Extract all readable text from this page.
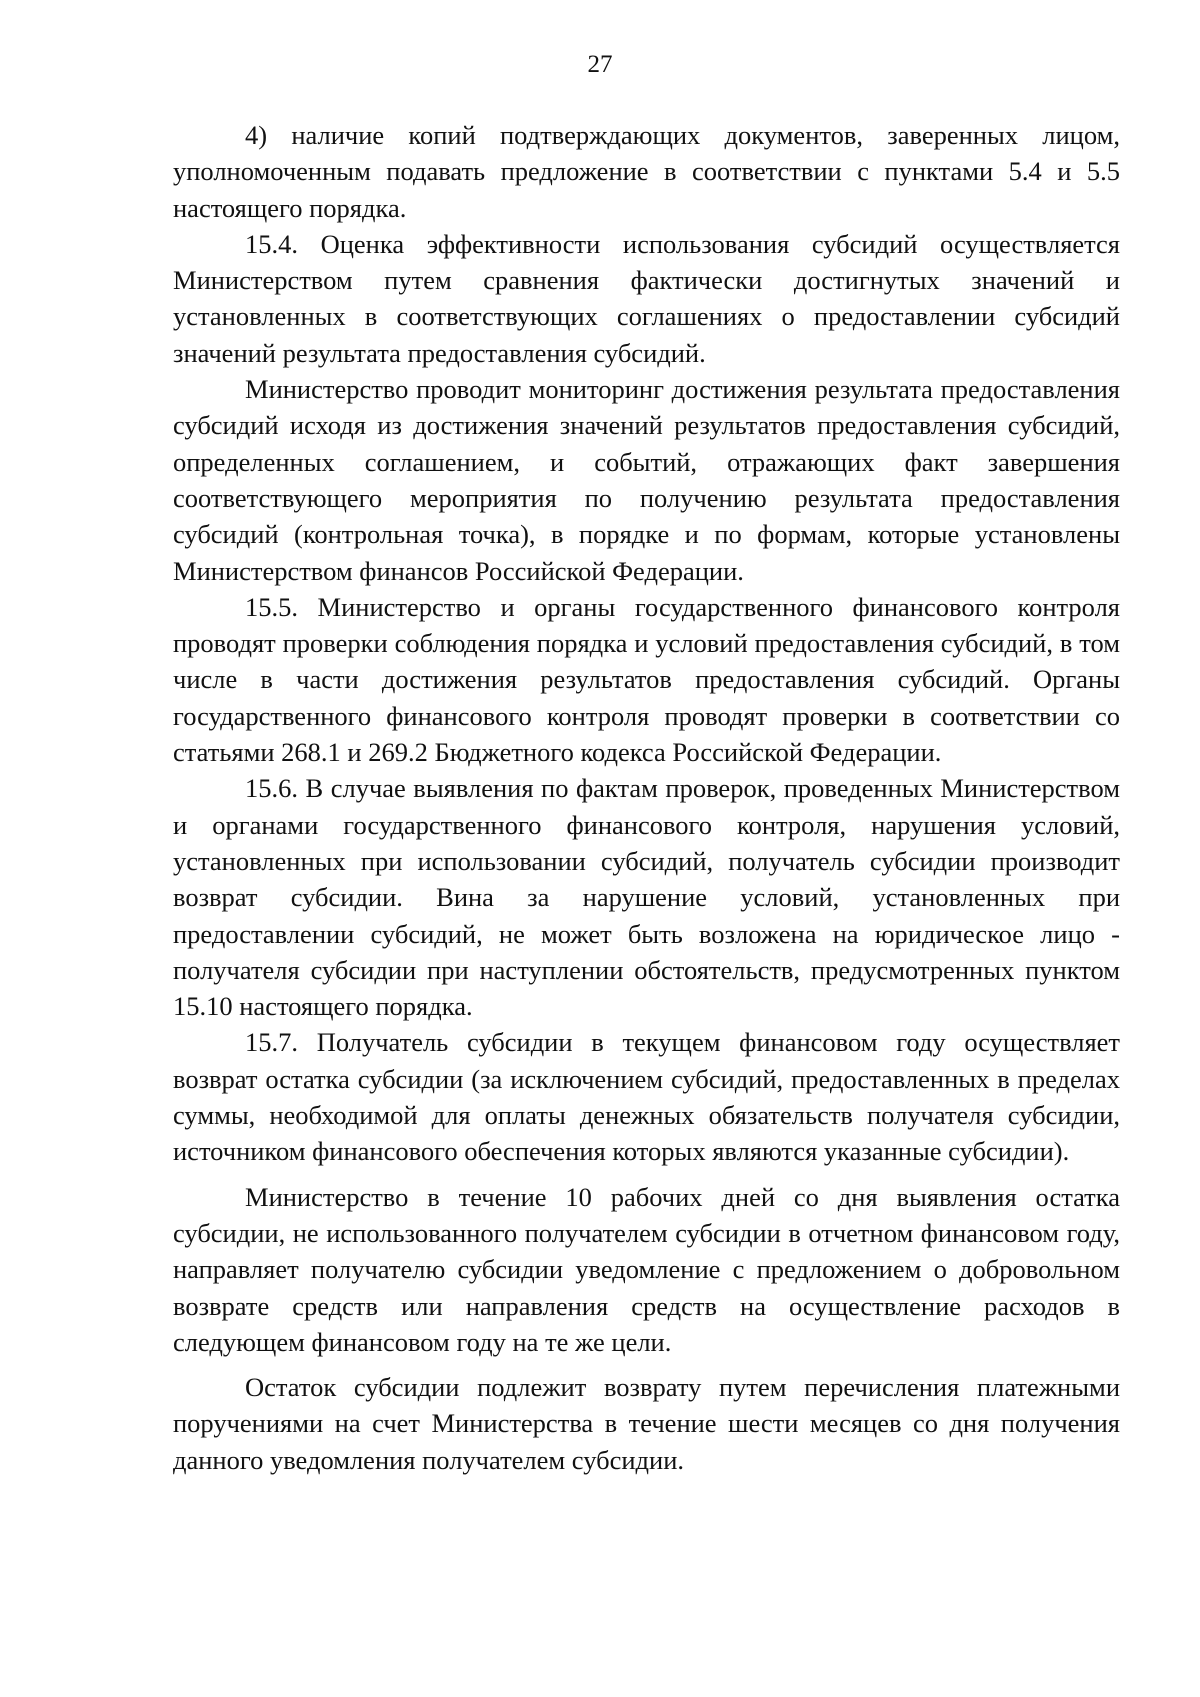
27

4) наличие копий подтверждающих документов, заверенных лицом, уполномоченным подавать предложение в соответствии с пунктами 5.4 и 5.5 настоящего порядка.

15.4. Оценка эффективности использования субсидий осуществляется Министерством путем сравнения фактически достигнутых значений и установленных в соответствующих соглашениях о предоставлении субсидий значений результата предоставления субсидий.

Министерство проводит мониторинг достижения результата предоставления субсидий исходя из достижения значений результатов предоставления субсидий, определенных соглашением, и событий, отражающих факт завершения соответствующего мероприятия по получению результата предоставления субсидий (контрольная точка), в порядке и по формам, которые установлены Министерством финансов Российской Федерации.

15.5. Министерство и органы государственного финансового контроля проводят проверки соблюдения порядка и условий предоставления субсидий, в том числе в части достижения результатов предоставления субсидий. Органы государственного финансового контроля проводят проверки в соответствии со статьями 268.1 и 269.2 Бюджетного кодекса Российской Федерации.

15.6. В случае выявления по фактам проверок, проведенных Министерством и органами государственного финансового контроля, нарушения условий, установленных при использовании субсидий, получатель субсидии производит возврат субсидии. Вина за нарушение условий, установленных при предоставлении субсидий, не может быть возложена на юридическое лицо - получателя субсидии при наступлении обстоятельств, предусмотренных пунктом 15.10 настоящего порядка.

15.7. Получатель субсидии в текущем финансовом году осуществляет возврат остатка субсидии (за исключением субсидий, предоставленных в пределах суммы, необходимой для оплаты денежных обязательств получателя субсидии, источником финансового обеспечения которых являются указанные субсидии).

Министерство в течение 10 рабочих дней со дня выявления остатка субсидии, не использованного получателем субсидии в отчетном финансовом году, направляет получателю субсидии уведомление с предложением о добровольном возврате средств или направления средств на осуществление расходов в следующем финансовом году на те же цели.

Остаток субсидии подлежит возврату путем перечисления платежными поручениями на счет Министерства в течение шести месяцев со дня получения данного уведомления получателем субсидии.
